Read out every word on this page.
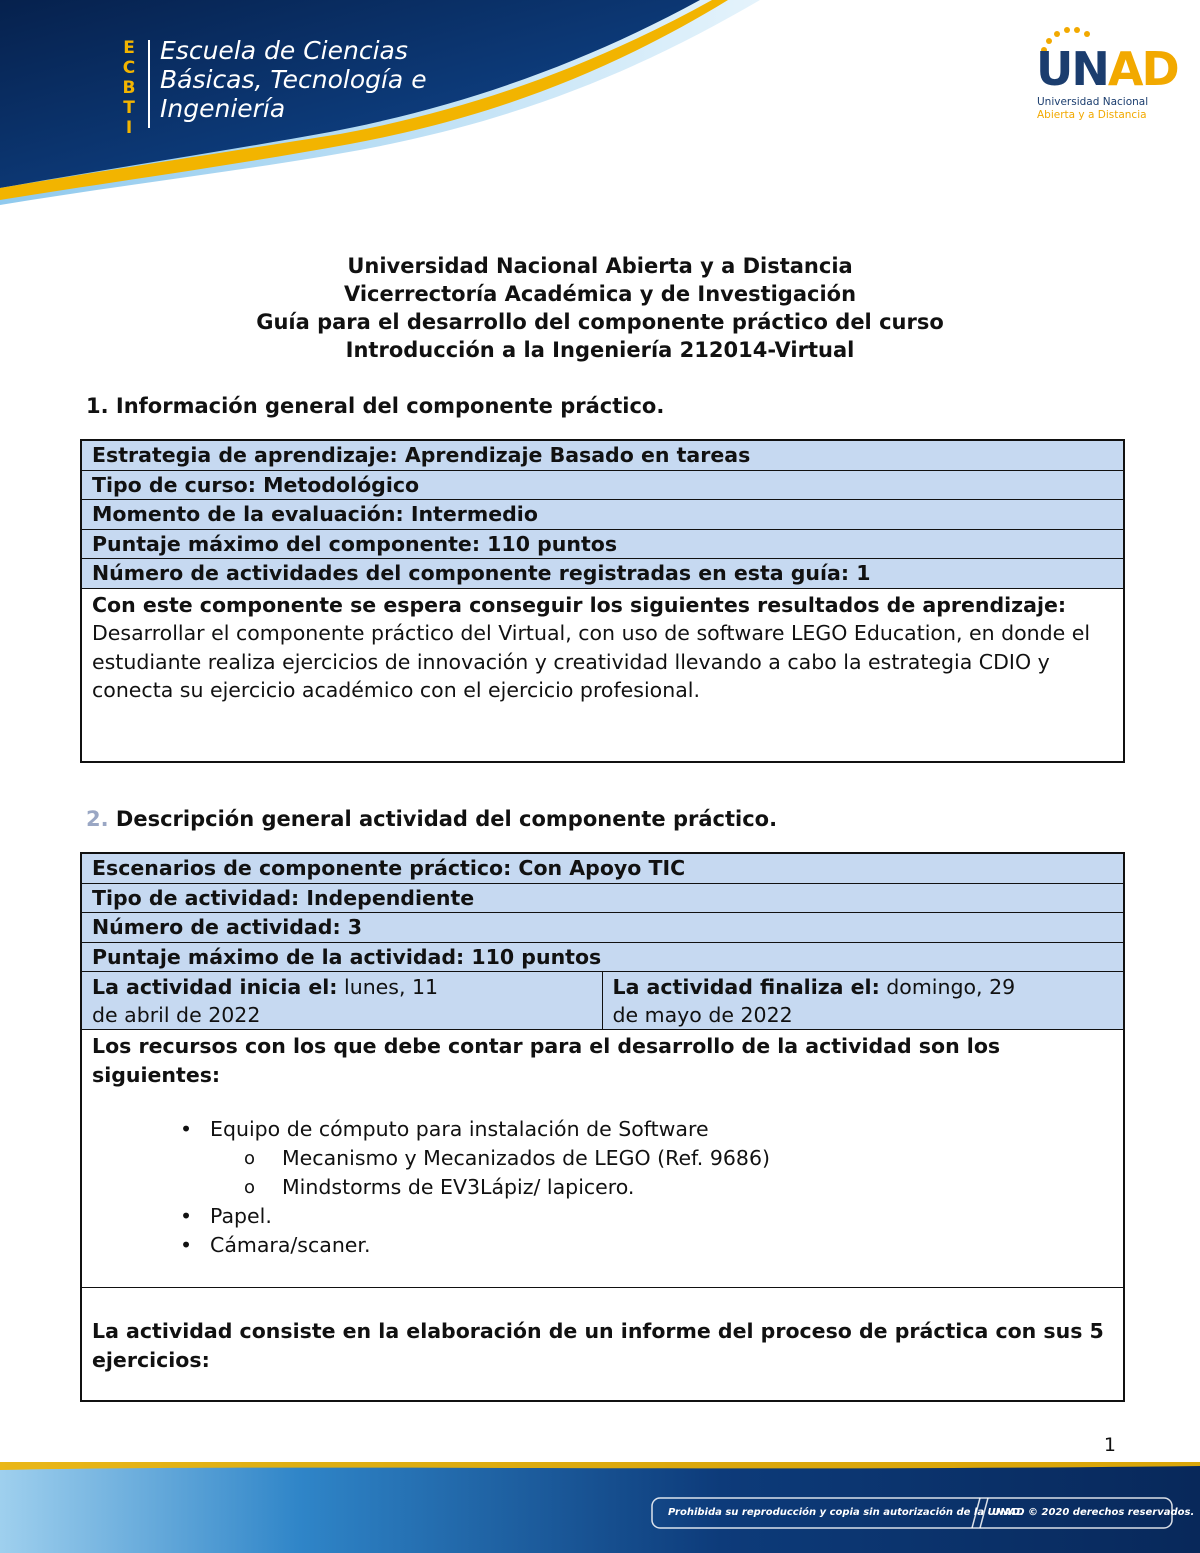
E
C
B
T
I
Escuela de Ciencias
Básicas, Tecnología e
Ingeniería
UNAD
Universidad Nacional
Abierta y a Distancia
Universidad Nacional Abierta y a Distancia
Vicerrectoría Académica y de Investigación
Guía para el desarrollo del componente práctico del curso
Introducción a la Ingeniería 212014-Virtual
1. Información general del componente práctico.
Estrategia de aprendizaje: Aprendizaje Basado en tareas
Tipo de curso: Metodológico
Momento de la evaluación: Intermedio
Puntaje máximo del componente: 110 puntos
Número de actividades del componente registradas en esta guía: 1
Con este componente se espera conseguir los siguientes resultados de aprendizaje:
Desarrollar el componente práctico del Virtual, con uso de software LEGO Education, en donde el estudiante realiza ejercicios de innovación y creatividad llevando a cabo la estrategia CDIO y conecta su ejercicio académico con el ejercicio profesional.
2. Descripción general actividad del componente práctico.
Escenarios de componente práctico: Con Apoyo TIC
Tipo de actividad: Independiente
Número de actividad: 3
Puntaje máximo de la actividad: 110 puntos
La actividad inicia el: lunes, 11
de abril de 2022
La actividad finaliza el: domingo, 29
de mayo de 2022
Los recursos con los que debe contar para el desarrollo de la actividad son los siguientes:
• Equipo de cómputo para instalación de Software
o Mecanismo y Mecanizados de LEGO (Ref. 9686)
o Mindstorms de EV3Lápiz/ lapicero.
• Papel.
• Cámara/scaner.
La actividad consiste en la elaboración de un informe del proceso de práctica con sus 5 ejercicios:
1
Prohibida su reproducción y copia sin autorización de la UNAD.
UNAD © 2020 derechos reservados.
